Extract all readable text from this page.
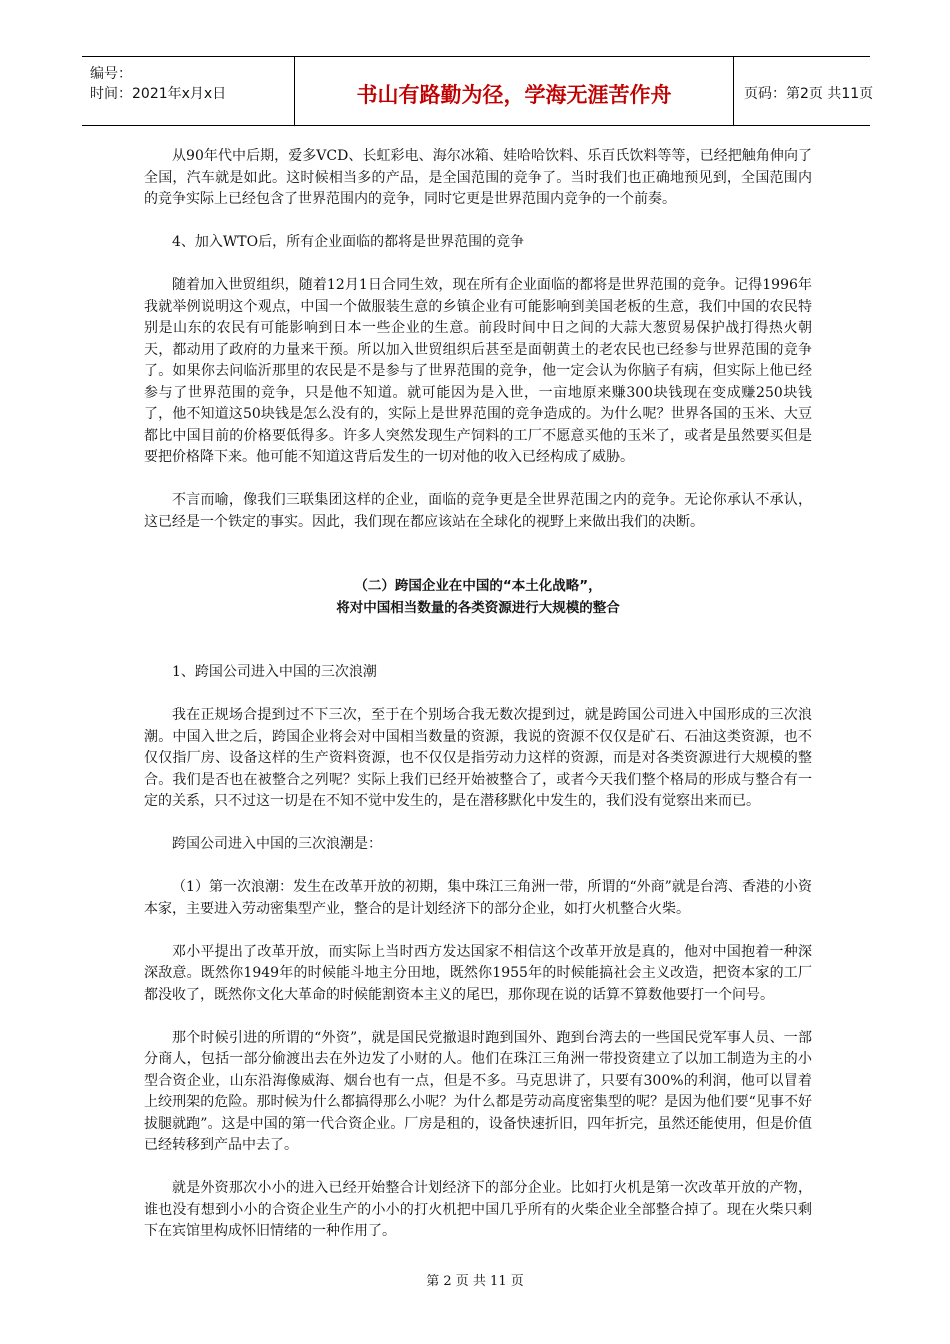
编号：
时间：2021年x月x日	书山有路勤为径，学海无涯苦作舟	页码：第2页 共11页

从90年代中后期，爱多VCD、长虹彩电、海尔冰箱、娃哈哈饮料、乐百氏饮料等等，已经把触角伸向了全国，汽车就是如此。这时候相当多的产品，是全国范围的竞争了。当时我们也正确地预见到，全国范围内的竞争实际上已经包含了世界范围内的竞争，同时它更是世界范围内竞争的一个前奏。

4、加入WTO后，所有企业面临的都将是世界范围的竞争

随着加入世贸组织，随着12月1日合同生效，现在所有企业面临的都将是世界范围的竞争。记得1996年我就举例说明这个观点，中国一个做服装生意的乡镇企业有可能影响到美国老板的生意，我们中国的农民特别是山东的农民有可能影响到日本一些企业的生意。前段时间中日之间的大蒜大葱贸易保护战打得热火朝天，都动用了政府的力量来干预。所以加入世贸组织后甚至是面朝黄土的老农民也已经参与世界范围的竞争了。如果你去问临沂那里的农民是不是参与了世界范围的竞争，他一定会认为你脑子有病，但实际上他已经参与了世界范围的竞争，只是他不知道。就可能因为是入世，一亩地原来赚300块钱现在变成赚250块钱了，他不知道这50块钱是怎么没有的，实际上是世界范围的竞争造成的。为什么呢？世界各国的玉米、大豆都比中国目前的价格要低得多。许多人突然发现生产饲料的工厂不愿意买他的玉米了，或者是虽然要买但是要把价格降下来。他可能不知道这背后发生的一切对他的收入已经构成了威胁。

不言而喻，像我们三联集团这样的企业，面临的竞争更是全世界范围之内的竞争。无论你承认不承认，这已经是一个铁定的事实。因此，我们现在都应该站在全球化的视野上来做出我们的决断。

（二）跨国企业在中国的“本土化战略”，

将对中国相当数量的各类资源进行大规模的整合

1、跨国公司进入中国的三次浪潮

我在正规场合提到过不下三次，至于在个别场合我无数次提到过，就是跨国公司进入中国形成的三次浪潮。中国入世之后，跨国企业将会对中国相当数量的资源，我说的资源不仅仅是矿石、石油这类资源，也不仅仅指厂房、设备这样的生产资料资源，也不仅仅是指劳动力这样的资源，而是对各类资源进行大规模的整合。我们是否也在被整合之列呢？实际上我们已经开始被整合了，或者今天我们整个格局的形成与整合有一定的关系，只不过这一切是在不知不觉中发生的，是在潜移默化中发生的，我们没有觉察出来而已。

跨国公司进入中国的三次浪潮是：

（1）第一次浪潮：发生在改革开放的初期，集中珠江三角洲一带，所谓的“外商”就是台湾、香港的小资本家，主要进入劳动密集型产业，整合的是计划经济下的部分企业，如打火机整合火柴。

邓小平提出了改革开放，而实际上当时西方发达国家不相信这个改革开放是真的，他对中国抱着一种深深敌意。既然你1949年的时候能斗地主分田地，既然你1955年的时候能搞社会主义改造，把资本家的工厂都没收了，既然你文化大革命的时候能割资本主义的尾巴，那你现在说的话算不算数他要打一个问号。

那个时候引进的所谓的“外资”，就是国民党撤退时跑到国外、跑到台湾去的一些国民党军事人员、一部分商人，包括一部分偷渡出去在外边发了小财的人。他们在珠江三角洲一带投资建立了以加工制造为主的小型合资企业，山东沿海像威海、烟台也有一点，但是不多。马克思讲了，只要有300%的利润，他可以冒着上绞刑架的危险。那时候为什么都搞得那么小呢？为什么都是劳动高度密集型的呢？是因为他们要“见事不好拔腿就跑”。这是中国的第一代合资企业。厂房是租的，设备快速折旧，四年折完，虽然还能使用，但是价值已经转移到产品中去了。

就是外资那次小小的进入已经开始整合计划经济下的部分企业。比如打火机是第一次改革开放的产物，谁也没有想到小小的合资企业生产的小小的打火机把中国几乎所有的火柴企业全部整合掉了。现在火柴只剩下在宾馆里构成怀旧情绪的一种作用了。

第 2 页 共 11 页
